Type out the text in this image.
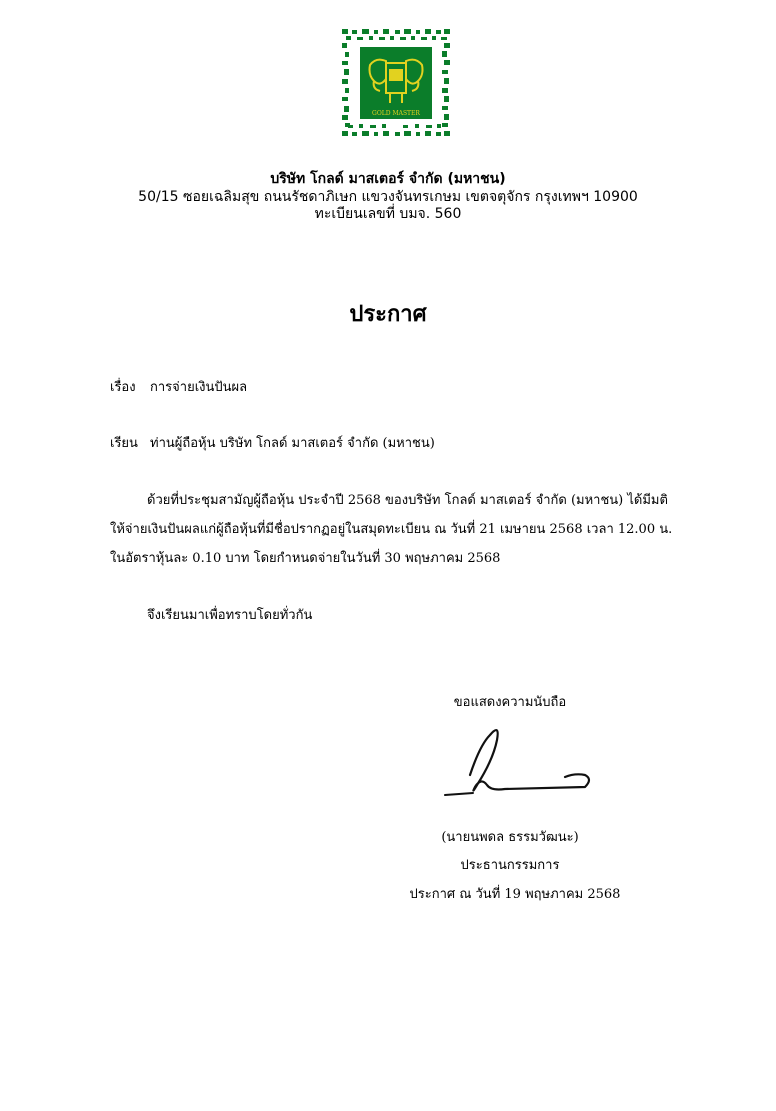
GOLD MASTER
บริษัท โกลด์ มาสเตอร์ จำกัด (มหาชน)
50/15 ซอยเฉลิมสุข ถนนรัชดาภิเษก แขวงจันทรเกษม เขตจตุจักร กรุงเทพฯ 10900
ทะเบียนเลขที่ บมจ. 560
ประกาศ
เรื่อง การจ่ายเงินปันผล
เรียน ท่านผู้ถือหุ้น บริษัท โกลด์ มาสเตอร์ จำกัด (มหาชน)
ด้วยที่ประชุมสามัญผู้ถือหุ้น ประจำปี 2568 ของบริษัท โกลด์ มาสเตอร์ จำกัด (มหาชน) ได้มีมติ
ให้จ่ายเงินปันผลแก่ผู้ถือหุ้นที่มีชื่อปรากฏอยู่ในสมุดทะเบียน ณ วันที่ 21 เมษายน 2568 เวลา 12.00 น.
ในอัตราหุ้นละ 0.10 บาท โดยกำหนดจ่ายในวันที่ 30 พฤษภาคม 2568
จึงเรียนมาเพื่อทราบโดยทั่วกัน
ขอแสดงความนับถือ
(นายนพดล ธรรมวัฒนะ)
ประธานกรรมการ
ประกาศ ณ วันที่ 19 พฤษภาคม 2568
